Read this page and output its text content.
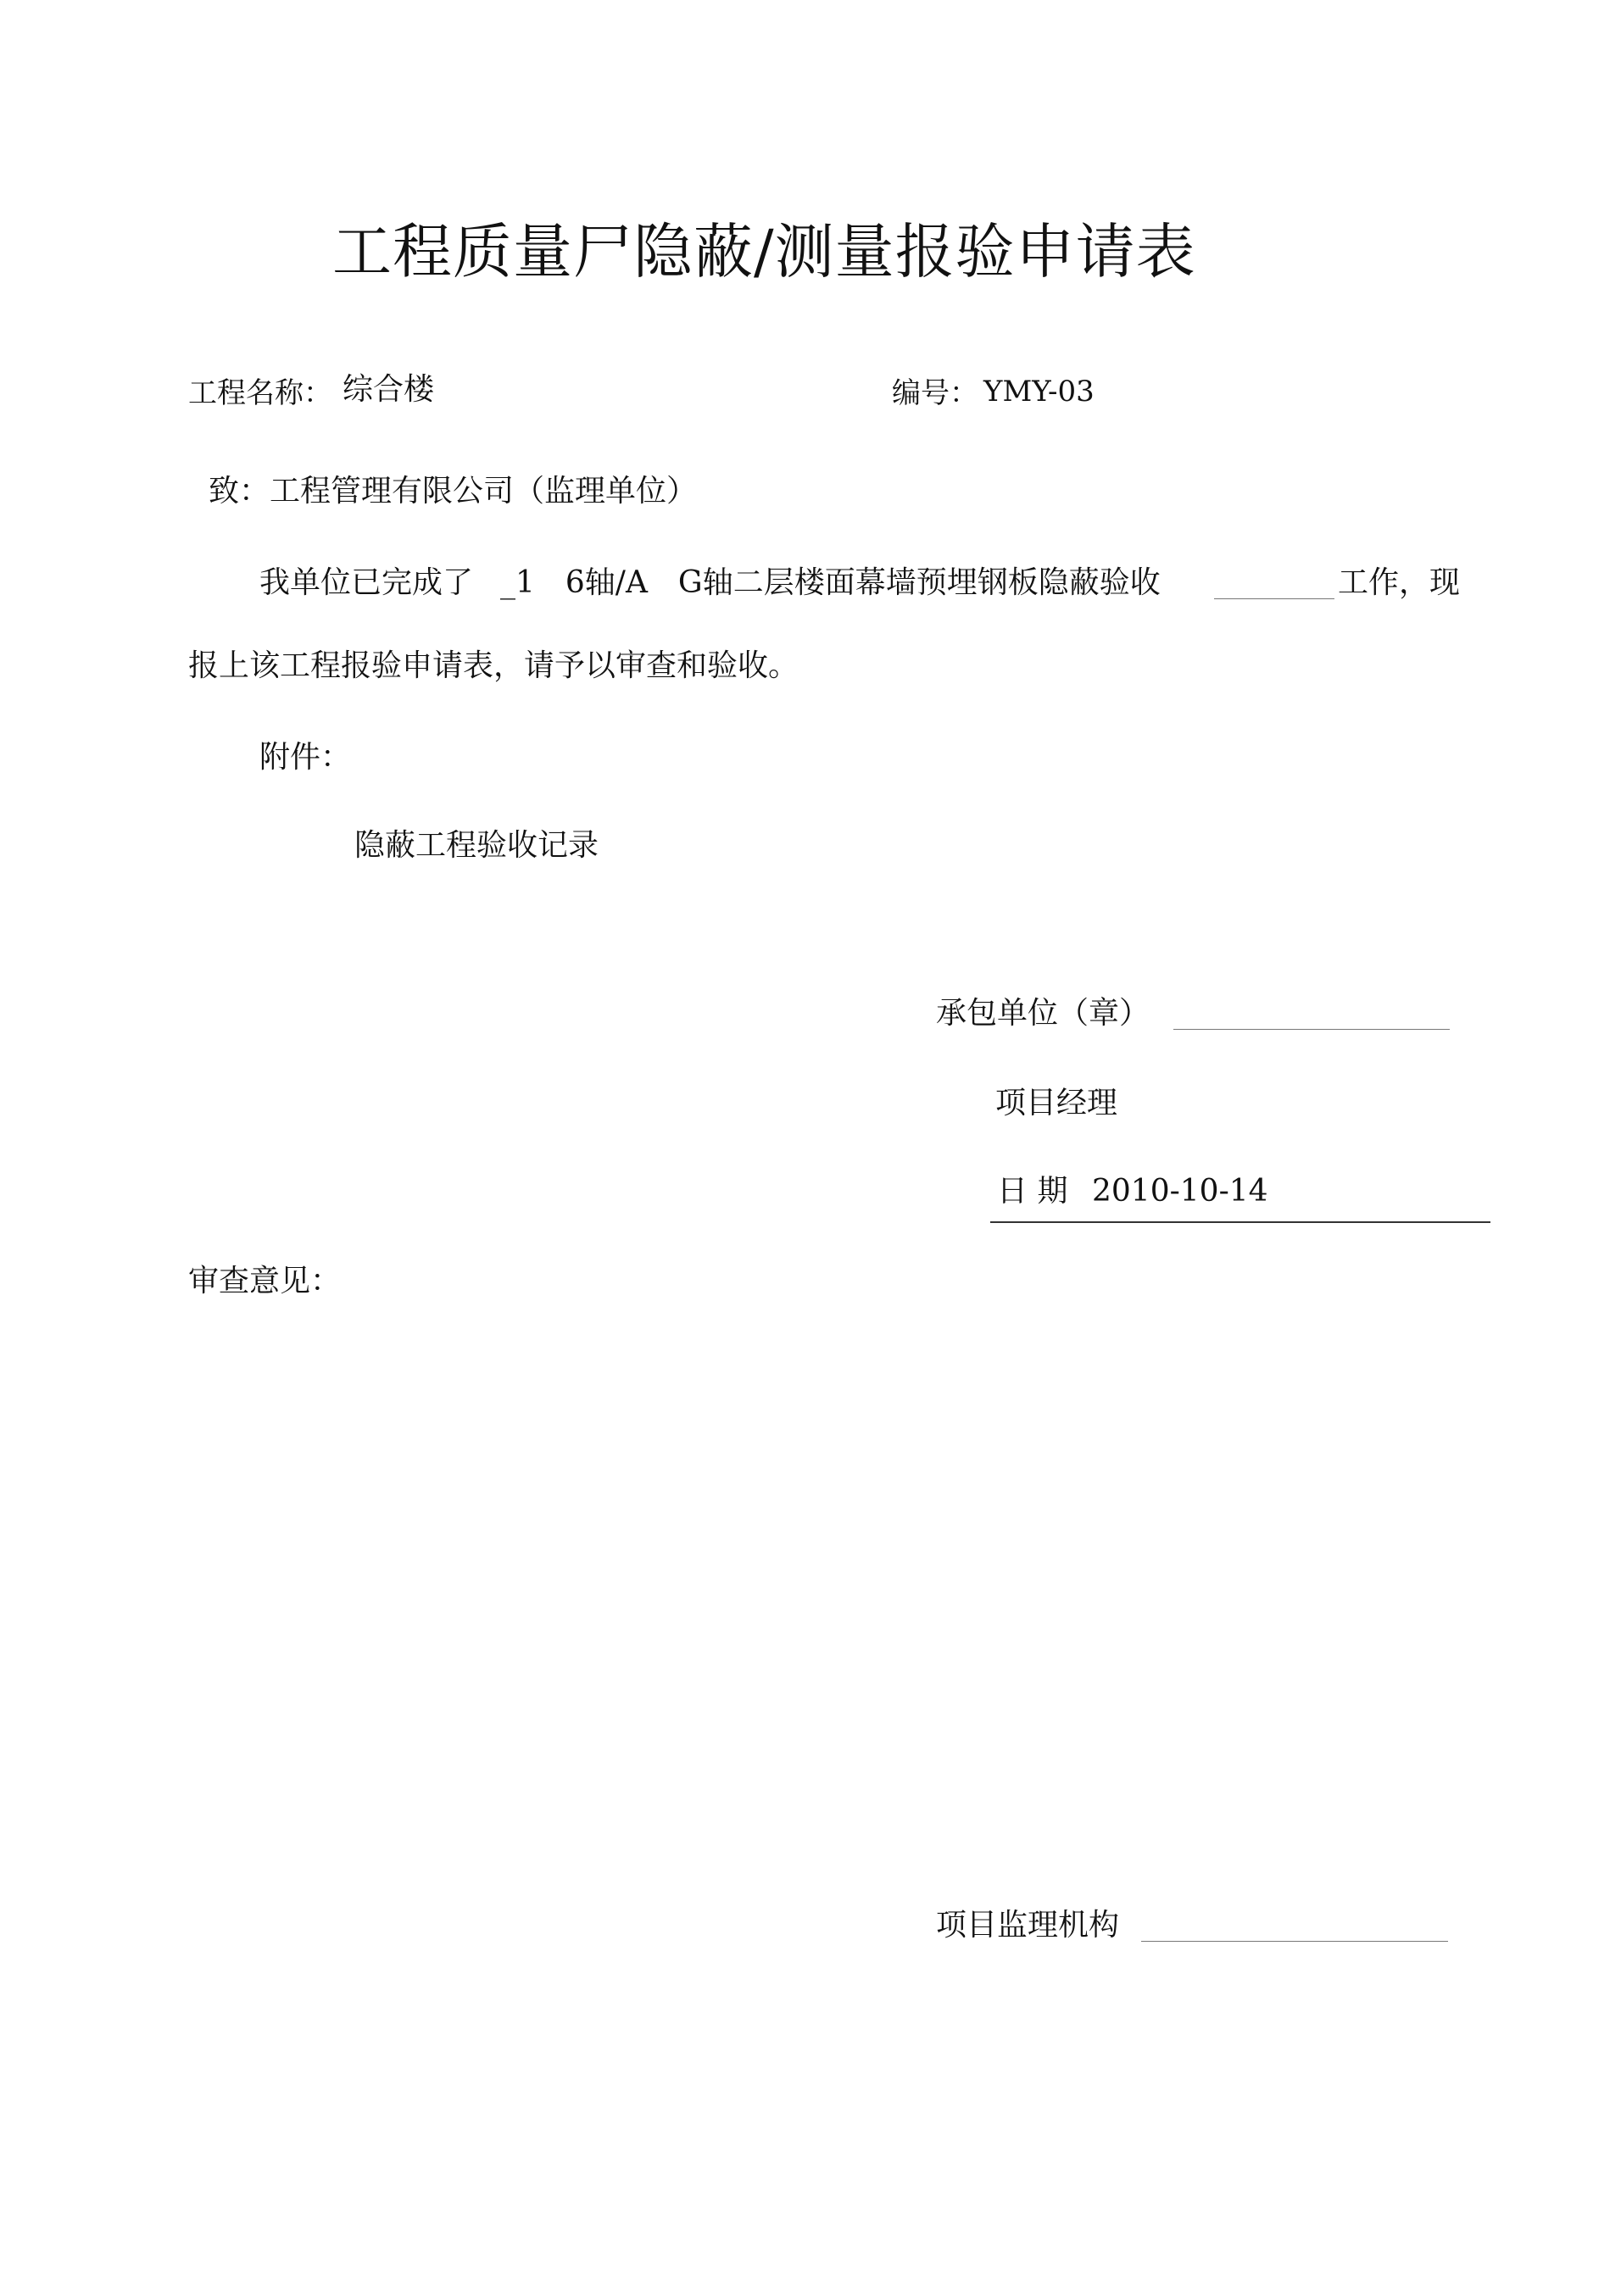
工程质量尸隐蔽/测量报验申请表
工程名称： 综合楼	编号： YMY-03
致：工程管理有限公司（监理单位）
我单位已完成了 _1　6轴/A　G轴二层楼面幕墙预埋钢板隐蔽验收	工作，现
报上该工程报验申请表，请予以审查和验收。
附件：
隐蔽工程验收记录
承包单位（章）
项目经理
日 期 2010-10-14
审查意见：
项目监理机构
